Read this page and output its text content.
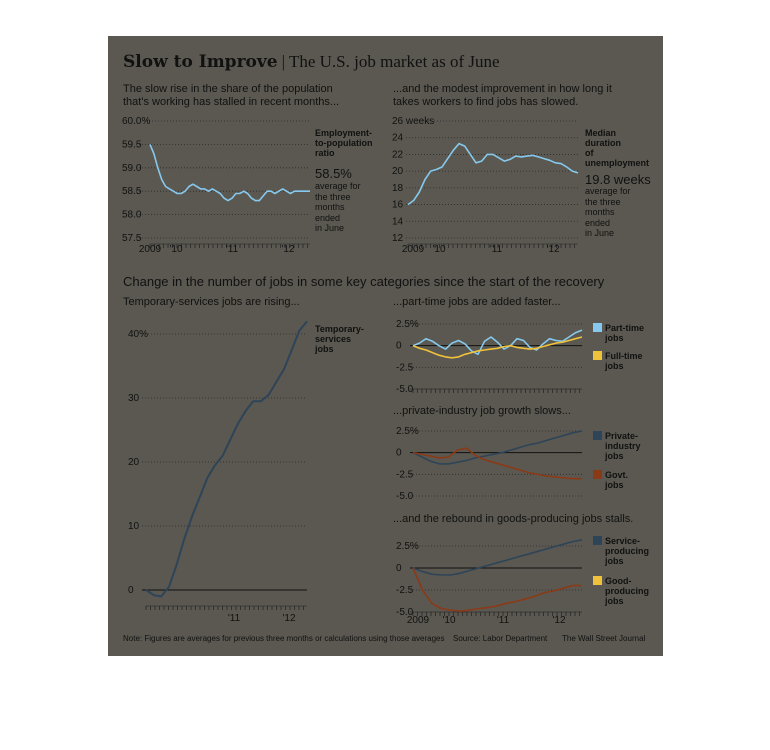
Slow to Improve | The U.S. job market as of June
The slow rise in the share of the population
that's working has stalled in recent months...
Employment-
to-population
ratio
58.5%
average for
the three
months
ended
in June
...and the modest improvement in how long it
takes workers to find jobs has slowed.
Median
duration
of
unemployment
19.8 weeks
average for
the three
months
ended
in June
Change in the number of jobs in some key categories since the start of the recovery
Temporary-services jobs are rising...	...part-time jobs are added faster...
...private-industry job growth slows...
...and the rebound in goods-producing jobs stalls.
Temporary-
services
jobs
Part-time
jobs
Full-time
jobs
Private-
industry
jobs
Govt.
jobs
Service-
producing
jobs
Good-
producing
jobs
Note: Figures are averages for previous three months or calculations using those averages Source: Labor Department The Wall Street Journal
60.0%
59.5
59.0
58.5
58.0
57.5
2009 '10	'11	'12
26 weeks
24
22
20
18
16
14
12
2009 '10	'11	'12
40%
30
20
10
0
'11	'12
2.5%
0
-2.5
-5.0
2.5%
0
-2.5
-5.0
2.5%
0
-2.5
-5.0
2009 '10	'11	'12
